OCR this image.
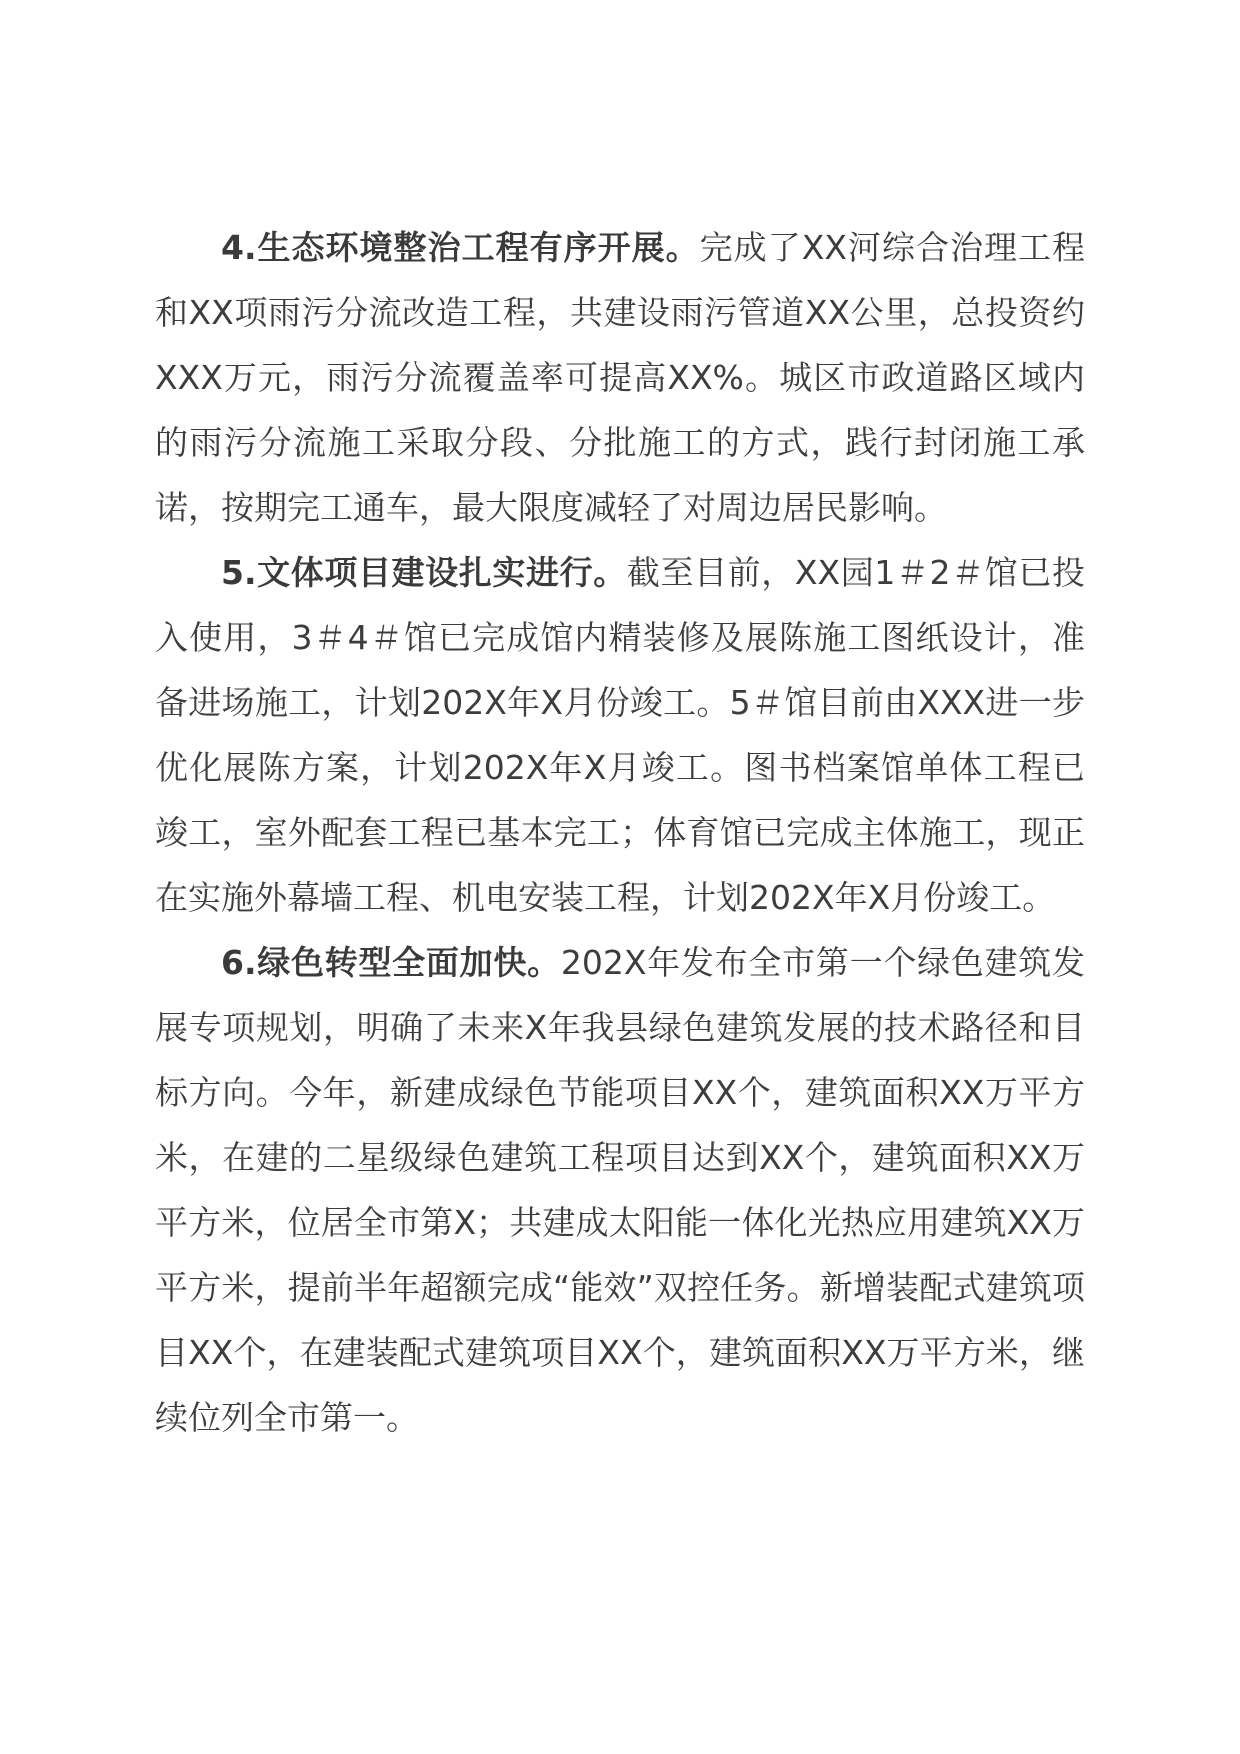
4.生态环境整治工程有序开展。完成了XX河综合治理工程和XX项雨污分流改造工程，共建设雨污管道XX公里，总投资约XXX万元，雨污分流覆盖率可提高XX%。城区市政道路区域内的雨污分流施工采取分段、分批施工的方式，践行封闭施工承诺，按期完工通车，最大限度减轻了对周边居民影响。

5.文体项目建设扎实进行。截至目前，XX园1＃2＃馆已投入使用，3＃4＃馆已完成馆内精装修及展陈施工图纸设计，准备进场施工，计划202X年X月份竣工。5＃馆目前由XXX进一步优化展陈方案，计划202X年X月竣工。图书档案馆单体工程已竣工，室外配套工程已基本完工；体育馆已完成主体施工，现正在实施外幕墙工程、机电安装工程，计划202X年X月份竣工。

6.绿色转型全面加快。202X年发布全市第一个绿色建筑发展专项规划，明确了未来X年我县绿色建筑发展的技术路径和目标方向。今年，新建成绿色节能项目XX个，建筑面积XX万平方米，在建的二星级绿色建筑工程项目达到XX个，建筑面积XX万平方米，位居全市第X；共建成太阳能一体化光热应用建筑XX万平方米，提前半年超额完成“能效”双控任务。新增装配式建筑项目XX个，在建装配式建筑项目XX个，建筑面积XX万平方米，继续位列全市第一。
